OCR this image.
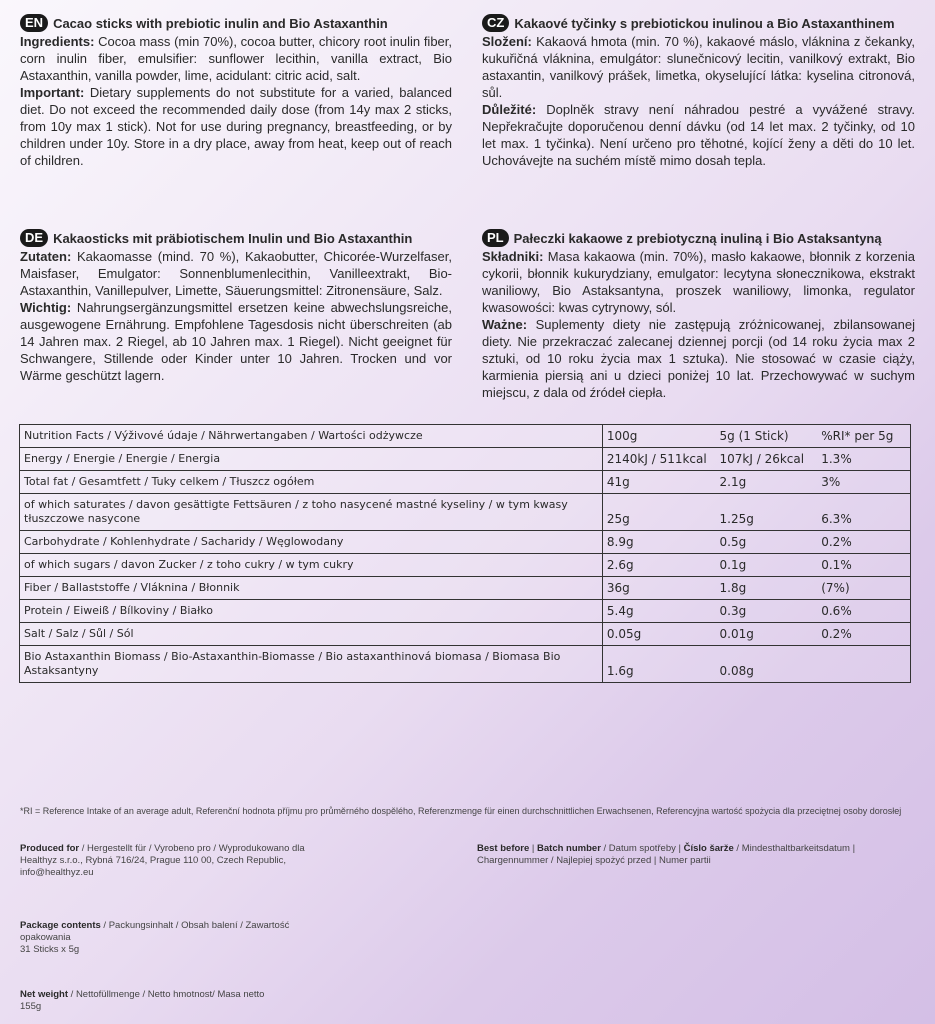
EN Cacao sticks with prebiotic inulin and Bio Astaxanthin

Ingredients: Cocoa mass (min 70%), cocoa butter, chicory root inulin fiber, corn inulin fiber, emulsifier: sunflower lecithin, vanilla extract, Bio Astaxanthin, vanilla powder, lime, acidulant: citric acid, salt.

Important: Dietary supplements do not substitute for a varied, balanced diet. Do not exceed the recommended daily dose (from 14y max 2 sticks, from 10y max 1 stick). Not for use during pregnancy, breastfeeding, or by children under 10y. Store in a dry place, away from heat, keep out of reach of children.

CZ Kakaové tyčinky s prebiotickou inulinou a Bio Astaxanthinem

Složení: Kakaová hmota (min. 70 %), kakaové máslo, vláknina z čekanky, kukuřičná vláknina, emulgátor: slunečnicový lecitin, vanilkový extrakt, Bio astaxantin, vanilkový prášek, limetka, okyselující látka: kyselina citronová, sůl.

Důležité: Doplněk stravy není náhradou pestré a vyvážené stravy. Nepřekračujte doporučenou denní dávku (od 14 let max. 2 tyčinky, od 10 let max. 1 tyčinka). Není určeno pro těhotné, kojící ženy a děti do 10 let. Uchovávejte na suchém místě mimo dosah tepla.

DE Kakaosticks mit präbiotischem Inulin und Bio Astaxanthin

Zutaten: Kakaomasse (mind. 70 %), Kakaobutter, Chicorée-Wurzelfaser, Maisfaser, Emulgator: Sonnenblumenlecithin, Vanilleextrakt, Bio-Astaxanthin, Vanillepulver, Limette, Säuerungsmittel: Zitronensäure, Salz.

Wichtig: Nahrungsergänzungsmittel ersetzen keine abwechslungsreiche, ausgewogene Ernährung. Empfohlene Tagesdosis nicht überschreiten (ab 14 Jahren max. 2 Riegel, ab 10 Jahren max. 1 Riegel). Nicht geeignet für Schwangere, Stillende oder Kinder unter 10 Jahren. Trocken und vor Wärme geschützt lagern.

PL Pałeczki kakaowe z prebiotyczną inuliną i Bio Astaksantyną

Składniki: Masa kakaowa (min. 70%), masło kakaowe, błonnik z korzenia cykorii, błonnik kukurydziany, emulgator: lecytyna słonecznikowa, ekstrakt waniliowy, Bio Astaksantyna, proszek waniliowy, limonka, regulator kwasowości: kwas cytrynowy, sól.

Ważne: Suplementy diety nie zastępują zróżnicowanej, zbilansowanej diety. Nie przekraczać zalecanej dziennej porcji (od 14 roku życia max 2 sztuki, od 10 roku życia max 1 sztuka). Nie stosować w czasie ciąży, karmienia piersią ani u dzieci poniżej 10 lat. Przechowywać w suchym miejscu, z dala od źródeł ciepła.

Nutrition Facts / Výživové údaje / Nährwertangaben / Wartości odżywcze	100g	5g (1 Stick)	%RI* per 5g
Energy / Energie / Energie / Energia	2140kJ / 511kcal	107kJ / 26kcal	1.3%
Total fat / Gesamtfett / Tuky celkem / Tłuszcz ogółem	41g	2.1g	3%
of which saturates / davon gesättigte Fettsäuren / z toho nasycené mastné kyseliny / w tym kwasy tłuszczowe nasycone	25g	1.25g	6.3%
Carbohydrate / Kohlenhydrate / Sacharidy / Węglowodany	8.9g	0.5g	0.2%
of which sugars / davon Zucker / z toho cukry / w tym cukry	2.6g	0.1g	0.1%
Fiber / Ballaststoffe / Vláknina / Błonnik	36g	1.8g	(7%)
Protein / Eiweiß / Bílkoviny / Białko	5.4g	0.3g	0.6%
Salt / Salz / Sůl / Sól	0.05g	0.01g	0.2%
Bio Astaxanthin Biomass / Bio-Astaxanthin-Biomasse / Bio astaxanthinová biomasa / Biomasa Bio Astaksantyny	1.6g	0.08g	
*RI = Reference Intake of an average adult, Referenční hodnota příjmu pro průměrného dospělého, Referenzmenge für einen durchschnittlichen Erwachsenen, Referencyjna wartość spożycia dla przeciętnej osoby dorosłej
Produced for / Hergestellt für / Vyrobeno pro / Wyprodukowano dla
Healthyz s.r.o., Rybná 716/24, Prague 110 00, Czech Republic,
info@healthyz.eu
Best before | Batch number / Datum spotřeby | Číslo šarže / Mindesthaltbarkeitsdatum | Chargennummer / Najlepiej spożyć przed | Numer partii
Package contents / Packungsinhalt / Obsah balení / Zawartość opakowania
31 Sticks x 5g
Net weight / Nettofüllmenge / Netto hmotnost/ Masa netto
155g
